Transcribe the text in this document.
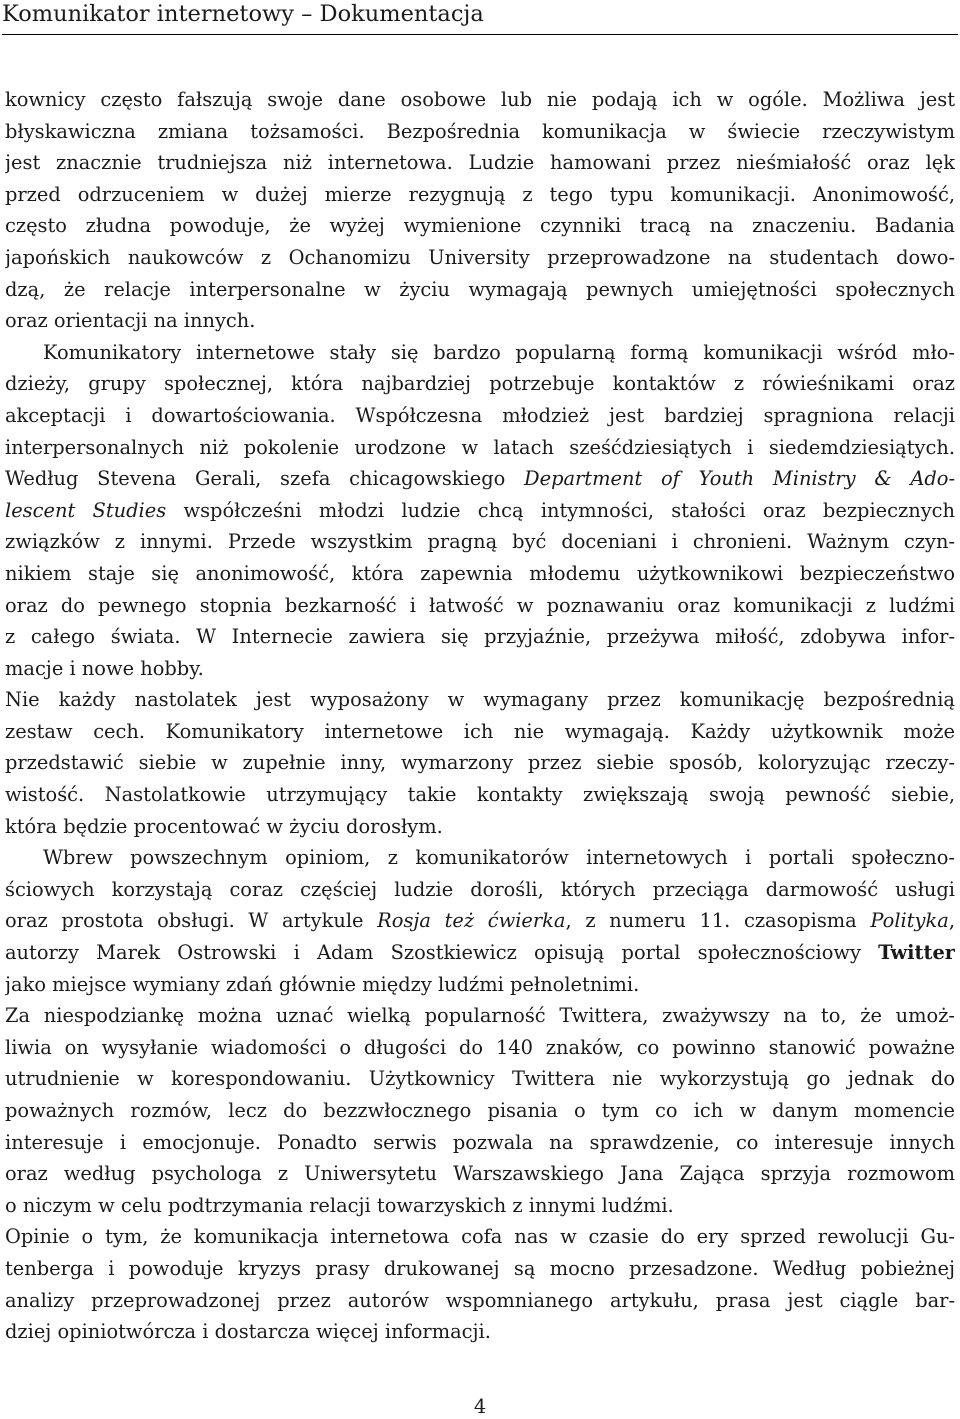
Komunikator internetowy – Dokumentacja
kownicy często fałszują swoje dane osobowe lub nie podają ich w ogóle. Możliwa jest
błyskawiczna zmiana tożsamości. Bezpośrednia komunikacja w świecie rzeczywistym
jest znacznie trudniejsza niż internetowa. Ludzie hamowani przez nieśmiałość oraz lęk
przed odrzuceniem w dużej mierze rezygnują z tego typu komunikacji. Anonimowość,
często złudna powoduje, że wyżej wymienione czynniki tracą na znaczeniu. Badania
japońskich naukowców z Ochanomizu University przeprowadzone na studentach dowo-
dzą, że relacje interpersonalne w życiu wymagają pewnych umiejętności społecznych
oraz orientacji na innych.
Komunikatory internetowe stały się bardzo popularną formą komunikacji wśród mło-
dzieży, grupy społecznej, która najbardziej potrzebuje kontaktów z rówieśnikami oraz
akceptacji i dowartościowania. Współczesna młodzież jest bardziej spragniona relacji
interpersonalnych niż pokolenie urodzone w latach sześćdziesiątych i siedemdziesiątych.
Według Stevena Gerali, szefa chicagowskiego Department of Youth Ministry & Ado-
lescent Studies współcześni młodzi ludzie chcą intymności, stałości oraz bezpiecznych
związków z innymi. Przede wszystkim pragną być doceniani i chronieni. Ważnym czyn-
nikiem staje się anonimowość, która zapewnia młodemu użytkownikowi bezpieczeństwo
oraz do pewnego stopnia bezkarność i łatwość w poznawaniu oraz komunikacji z ludźmi
z całego świata. W Internecie zawiera się przyjaźnie, przeżywa miłość, zdobywa infor-
macje i nowe hobby.
Nie każdy nastolatek jest wyposażony w wymagany przez komunikację bezpośrednią
zestaw cech. Komunikatory internetowe ich nie wymagają. Każdy użytkownik może
przedstawić siebie w zupełnie inny, wymarzony przez siebie sposób, koloryzując rzeczy-
wistość. Nastolatkowie utrzymujący takie kontakty zwiększają swoją pewność siebie,
która będzie procentować w życiu dorosłym.
Wbrew powszechnym opiniom, z komunikatorów internetowych i portali społeczno-
ściowych korzystają coraz częściej ludzie dorośli, których przeciąga darmowość usługi
oraz prostota obsługi. W artykule Rosja też ćwierka, z numeru 11. czasopisma Polityka,
autorzy Marek Ostrowski i Adam Szostkiewicz opisują portal społecznościowy Twitter
jako miejsce wymiany zdań głównie między ludźmi pełnoletnimi.
Za niespodziankę można uznać wielką popularność Twittera, zważywszy na to, że umoż-
liwia on wysyłanie wiadomości o długości do 140 znaków, co powinno stanowić poważne
utrudnienie w korespondowaniu. Użytkownicy Twittera nie wykorzystują go jednak do
poważnych rozmów, lecz do bezzwłocznego pisania o tym co ich w danym momencie
interesuje i emocjonuje. Ponadto serwis pozwala na sprawdzenie, co interesuje innych
oraz według psychologa z Uniwersytetu Warszawskiego Jana Zająca sprzyja rozmowom
o niczym w celu podtrzymania relacji towarzyskich z innymi ludźmi.
Opinie o tym, że komunikacja internetowa cofa nas w czasie do ery sprzed rewolucji Gu-
tenberga i powoduje kryzys prasy drukowanej są mocno przesadzone. Według pobieżnej
analizy przeprowadzonej przez autorów wspomnianego artykułu, prasa jest ciągle bar-
dziej opiniotwórcza i dostarcza więcej informacji.
4
